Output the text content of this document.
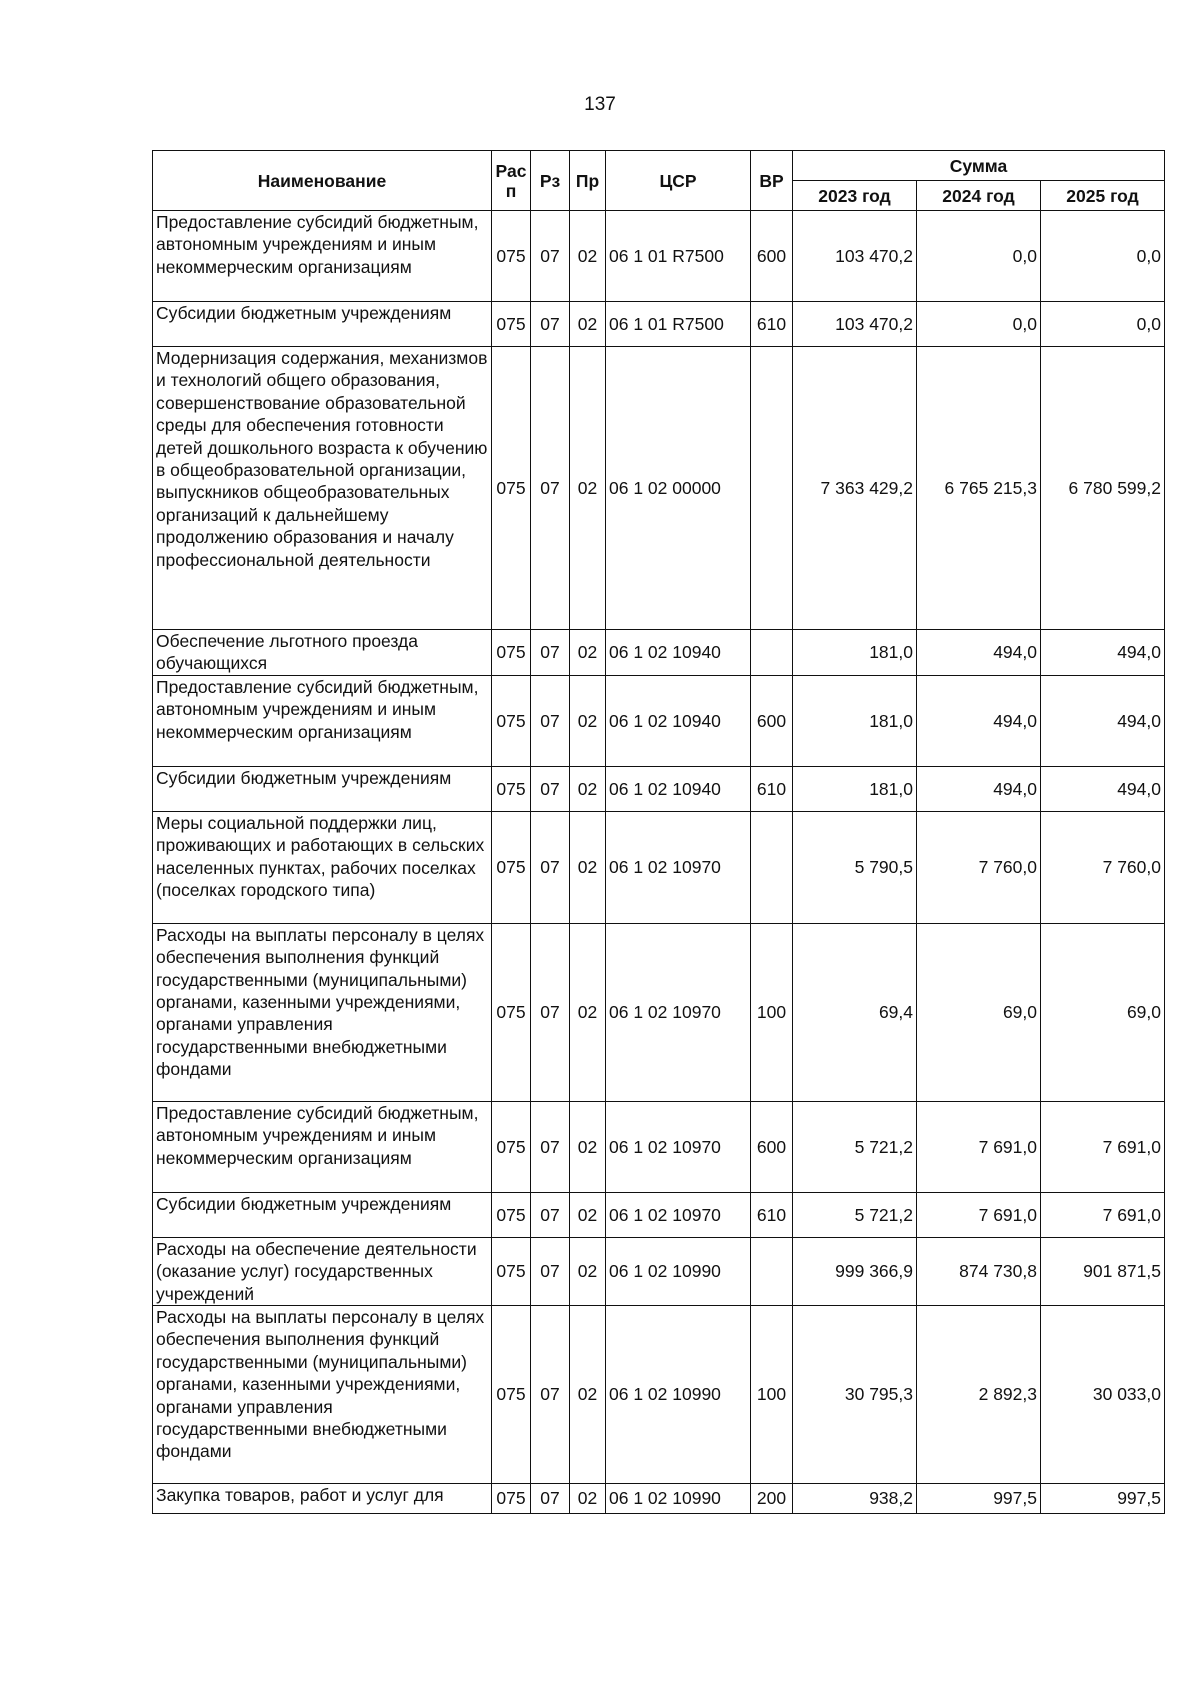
137
Наименование	Рас п	Рз	Пр	ЦСР	ВР	Сумма		
						2023 год	2024 год	2025 год
Предоставление субсидий бюджетным, автономным учреждениям и иным некоммерческим организациям	075	07	02	06 1 01 R7500	600	103 470,2	0,0	0,0
Субсидии бюджетным учреждениям	075	07	02	06 1 01 R7500	610	103 470,2	0,0	0,0
Модернизация содержания, механизмов и технологий общего образования, совершенствование образовательной среды для обеспечения готовности детей дошкольного возраста к обучению в общеобразовательной организации, выпускников общеобразовательных организаций к дальнейшему продолжению образования и началу профессиональной деятельности	075	07	02	06 1 02 00000		7 363 429,2	6 765 215,3	6 780 599,2
Обеспечение льготного проезда обучающихся	075	07	02	06 1 02 10940		181,0	494,0	494,0
Предоставление субсидий бюджетным, автономным учреждениям и иным некоммерческим организациям	075	07	02	06 1 02 10940	600	181,0	494,0	494,0
Субсидии бюджетным учреждениям	075	07	02	06 1 02 10940	610	181,0	494,0	494,0
Меры социальной поддержки лиц, проживающих и работающих в сельских населенных пунктах, рабочих поселках (поселках городского типа)	075	07	02	06 1 02 10970		5 790,5	7 760,0	7 760,0
Расходы на выплаты персоналу в целях обеспечения выполнения функций государственными (муниципальными) органами, казенными учреждениями, органами управления государственными внебюджетными фондами	075	07	02	06 1 02 10970	100	69,4	69,0	69,0
Предоставление субсидий бюджетным, автономным учреждениям и иным некоммерческим организациям	075	07	02	06 1 02 10970	600	5 721,2	7 691,0	7 691,0
Субсидии бюджетным учреждениям	075	07	02	06 1 02 10970	610	5 721,2	7 691,0	7 691,0
Расходы на обеспечение деятельности (оказание услуг) государственных учреждений	075	07	02	06 1 02 10990		999 366,9	874 730,8	901 871,5
Расходы на выплаты персоналу в целях обеспечения выполнения функций государственными (муниципальными) органами, казенными учреждениями, органами управления государственными внебюджетными фондами	075	07	02	06 1 02 10990	100	30 795,3	2 892,3	30 033,0
Закупка товаров, работ и услуг для	075	07	02	06 1 02 10990	200	938,2	997,5	997,5
